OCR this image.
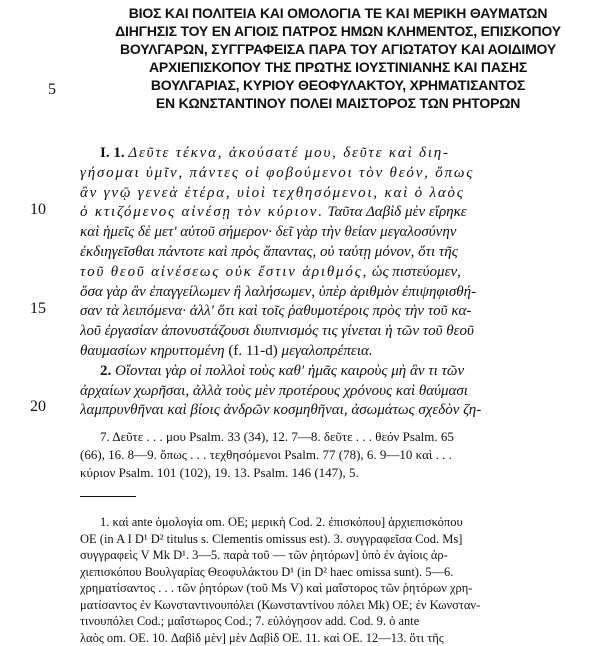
ΒΙΟΣ ΚΑΙ ΠΟΛΙΤΕΙΑ ΚΑΙ ΟΜΟΛΟΓΙΑ ΤΕ ΚΑΙ ΜΕΡΙΚΗ ΘΑΥΜΑΤΩΝ
ΔΙΗΓΗΣΙΣ ΤΟΥ ΕΝ ΑΓΙΟΙΣ ΠΑΤΡΟΣ ΗΜΩΝ ΚΛΗΜΕΝΤΟΣ, ΕΠΙΣΚΟΠΟΥ
ΒΟΥΛΓΑΡΩΝ, ΣΥΓΓΡΑΦΕΙΣΑ ΠΑΡΑ ΤΟΥ ΑΓΙΩΤΑΤΟΥ ΚΑΙ ΑΟΙΔΙΜΟΥ
ΑΡΧΙΕΠΙΣΚΟΠΟΥ ΤΗΣ ΠΡΩΤΗΣ ΙΟΥΣΤΙΝΙΑΝΗΣ ΚΑΙ ΠΑΣΗΣ
ΒΟΥΛΓΑΡΙΑΣ, ΚΥΡΙΟΥ ΘΕΟΦΥΛΑΚΤΟΥ, ΧΡΗΜΑΤΙΣΑΝΤΟΣ
ΕΝ ΚΩΝΣΤΑΝΤΙΝΟΥ ΠΟΛΕΙ ΜΑΙΣΤΟΡΟΣ ΤΩΝ ΡΗΤΟΡΩΝ
5
10
15
20
I. 1. Δεῦτε τέκνα, ἀκούσατέ μου, δεῦτε καὶ διη-
γήσομαι ὑμῖν, πάντες οἱ φοβούμενοι τὸν θεόν, ὅπως
ἂν γνῷ γενεὰ ἑτέρα, υἱοὶ τεχθησόμενοι, καὶ ὁ λαὸς
ὁ κτιζόμενος αἰνέσῃ τὸν κύριον. Ταῦτα Δαβὶδ μὲν εἴρηκε
καὶ ἡμεῖς δὲ μετ' αὐτοῦ σήμερον· δεῖ γὰρ τὴν θείαν μεγαλοσύνην
ἐκδιηγεῖσθαι πάντοτε καὶ πρὸς ἅπαντας, οὐ ταύτῃ μόνον, ὅτι τῆς
τοῦ θεοῦ αἰνέσεως οὐκ ἔστιν ἀριθμός, ὡς πιστεύομεν,
ὅσα γὰρ ἂν ἐπαγγείλωμεν ἢ λαλήσωμεν, ὑπὲρ ἀριθμὸν ἐπιψηφισθή-
σαν τὰ λειπόμενα· ἀλλ' ὅτι καὶ τοῖς ῥαθυμοτέροις πρὸς τὴν τοῦ κα-
λοῦ ἐργασίαν ἀπονυστάζουσι διυπνισμός τις γίνεται ἡ τῶν τοῦ θεοῦ
θαυμασίων κηρυττομένη (f. 11-d) μεγαλοπρέπεια.
2. Οἴονται γὰρ οἱ πολλοὶ τοὺς καθ' ἡμᾶς καιροὺς μὴ ἂν τι τῶν
ἀρχαίων χωρῆσαι, ἀλλὰ τοὺς μὲν προτέρους χρόνους καὶ θαύμασι
λαμπρυνθῆναι καὶ βίοις ἀνδρῶν κοσμηθῆναι, ἀσωμάτως σχεδὸν ζη-
7. Δεῦτε . . . μου Psalm. 33 (34), 12. 7—8. δεῦτε . . . θεόν Psalm. 65
(66), 16. 8—9. ὅπως . . . τεχθησόμενοι Psalm. 77 (78), 6. 9—10 καὶ . . .
κύριον Psalm. 101 (102), 19. 13. Psalm. 146 (147), 5.
1. καὶ ante ὁμολογία om. OE; μερικὴ Cod. 2. ἐπισκόπου] ἀρχιεπισκόπου
OE (in A I D¹ D² titulus s. Clementis omissus est). 3. συγγραφεῖσα Cod. Ms]
συγγραφεὶς V Mk D¹. 3—5. παρὰ τοῦ — τῶν ῥητόρων] ὑπὸ ἐν ἁγίοις ἀρ-
χιεπισκόπου Βουλγαρίας Θεοφυλάκτου D¹ (in D² haec omissa sunt). 5—6.
χρηματίσαντος . . . τῶν ῥητόρων (τοῦ Ms V) καὶ μαΐστορος τῶν ῥητόρων χρη-
ματίσαντος ἐν Κωνσταντινουπόλει (Κωνσταντίνου πόλει Mk) OE; ἐν Κωνσταν-
τινουπόλει Cod.; μαΐστωρος Cod.; 7. εὐλόγησον add. Cod. 9. ὁ ante
λαὸς om. OE. 10. Δαβὶδ μὲν] μὲν Δαβὶδ OE. 11. καὶ OE. 12—13. ὅτι τῆς
